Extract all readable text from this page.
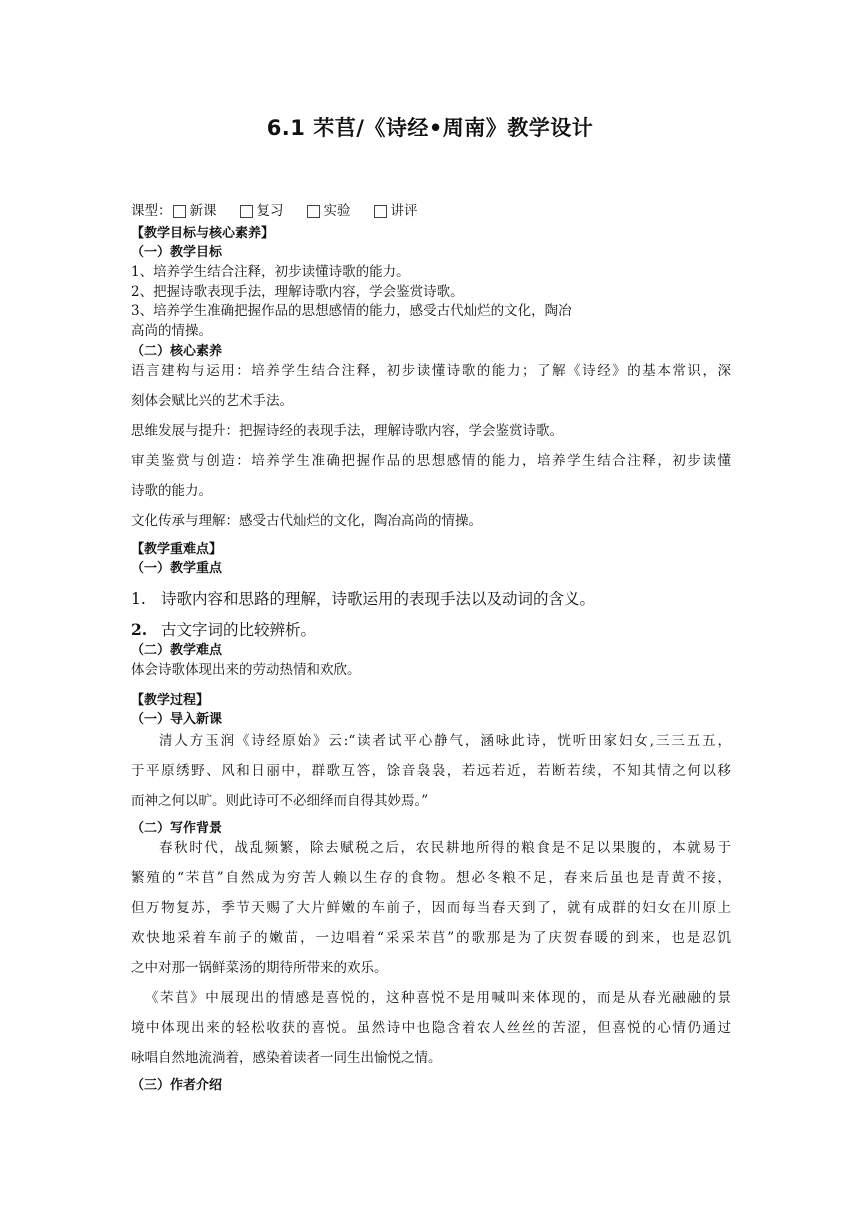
6.1 芣苢/《诗经•周南》教学设计
课型： 新课	复习	实验	讲评
【教学目标与核心素养】
（一）教学目标
1、培养学生结合注释，初步读懂诗歌的能力。
2、把握诗歌表现手法，理解诗歌内容，学会鉴赏诗歌。
3、培养学生准确把握作品的思想感情的能力，感受古代灿烂的文化，陶冶
高尚的情操。
（二）核心素养
语言建构与运用：培养学生结合注释，初步读懂诗歌的能力；了解《诗经》的基本常识，深
刻体会赋比兴的艺术手法。
思维发展与提升：把握诗经的表现手法，理解诗歌内容，学会鉴赏诗歌。
审美鉴赏与创造：培养学生准确把握作品的思想感情的能力，培养学生结合注释，初步读懂
诗歌的能力。
文化传承与理解：感受古代灿烂的文化，陶冶高尚的情操。
【教学重难点】
（一）教学重点
1. 诗歌内容和思路的理解，诗歌运用的表现手法以及动词的含义。
2. 古文字词的比较辨析。
（二）教学难点
体会诗歌体现出来的劳动热情和欢欣。
【教学过程】
（一）导入新课
清人方玉润《诗经原始》云:“读者试平心静气，涵咏此诗，恍听田家妇女,三三五五，
于平原绣野、风和日丽中，群歌互答，馀音袅袅，若远若近，若断若续，不知其情之何以移
而神之何以旷。则此诗可不必细绎而自得其妙焉。”
（二）写作背景
春秋时代，战乱频繁，除去赋税之后，农民耕地所得的粮食是不足以果腹的，本就易于
繁殖的“芣苢”自然成为穷苦人赖以生存的食物。想必冬粮不足，春来后虽也是青黄不接，
但万物复苏，季节天赐了大片鲜嫩的车前子，因而每当春天到了，就有成群的妇女在川原上
欢快地采着车前子的嫩苗，一边唱着“采采芣苢”的歌那是为了庆贺春暖的到来，也是忍饥
之中对那一锅鲜菜汤的期待所带来的欢乐。
《芣苢》中展现出的情感是喜悦的，这种喜悦不是用喊叫来体现的，而是从春光融融的景
境中体现出来的轻松收获的喜悦。虽然诗中也隐含着农人丝丝的苦涩，但喜悦的心情仍通过
咏唱自然地流淌着，感染着读者一同生出愉悦之情。
（三）作者介绍
